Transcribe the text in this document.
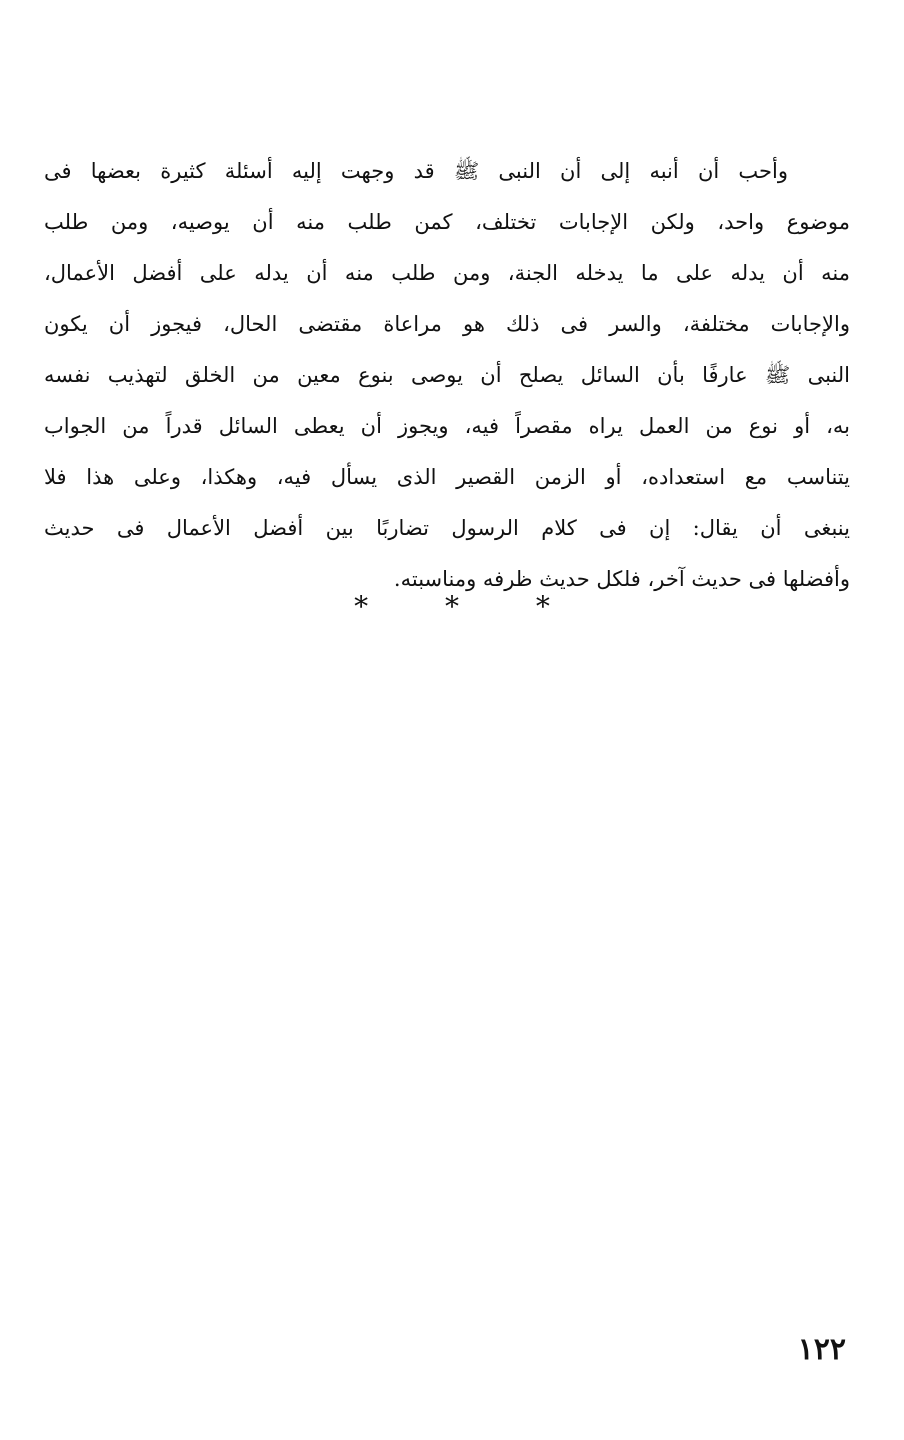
وأحب أن أنبه إلى أن النبى ﷺ قد وجهت إليه أسئلة كثيرة بعضها فى
موضوع واحد، ولكن الإجابات تختلف، كمن طلب منه أن يوصيه، ومن طلب
منه أن يدله على ما يدخله الجنة، ومن طلب منه أن يدله على أفضل الأعمال،
والإجابات مختلفة، والسر فى ذلك هو مراعاة مقتضى الحال، فيجوز أن يكون
النبى ﷺ عارفًا بأن السائل يصلح أن يوصى بنوع معين من الخلق لتهذيب نفسه
به، أو نوع من العمل يراه مقصراً فيه، ويجوز أن يعطى السائل قدراً من الجواب
يتناسب مع استعداده، أو الزمن القصير الذى يسأل فيه، وهكذا، وعلى هذا فلا
ينبغى أن يقال: إن فى كلام الرسول تضاربًا بين أفضل الأعمال فى حديث
وأفضلها فى حديث آخر، فلكل حديث ظرفه ومناسبته.
*	*	*
١٢٢
